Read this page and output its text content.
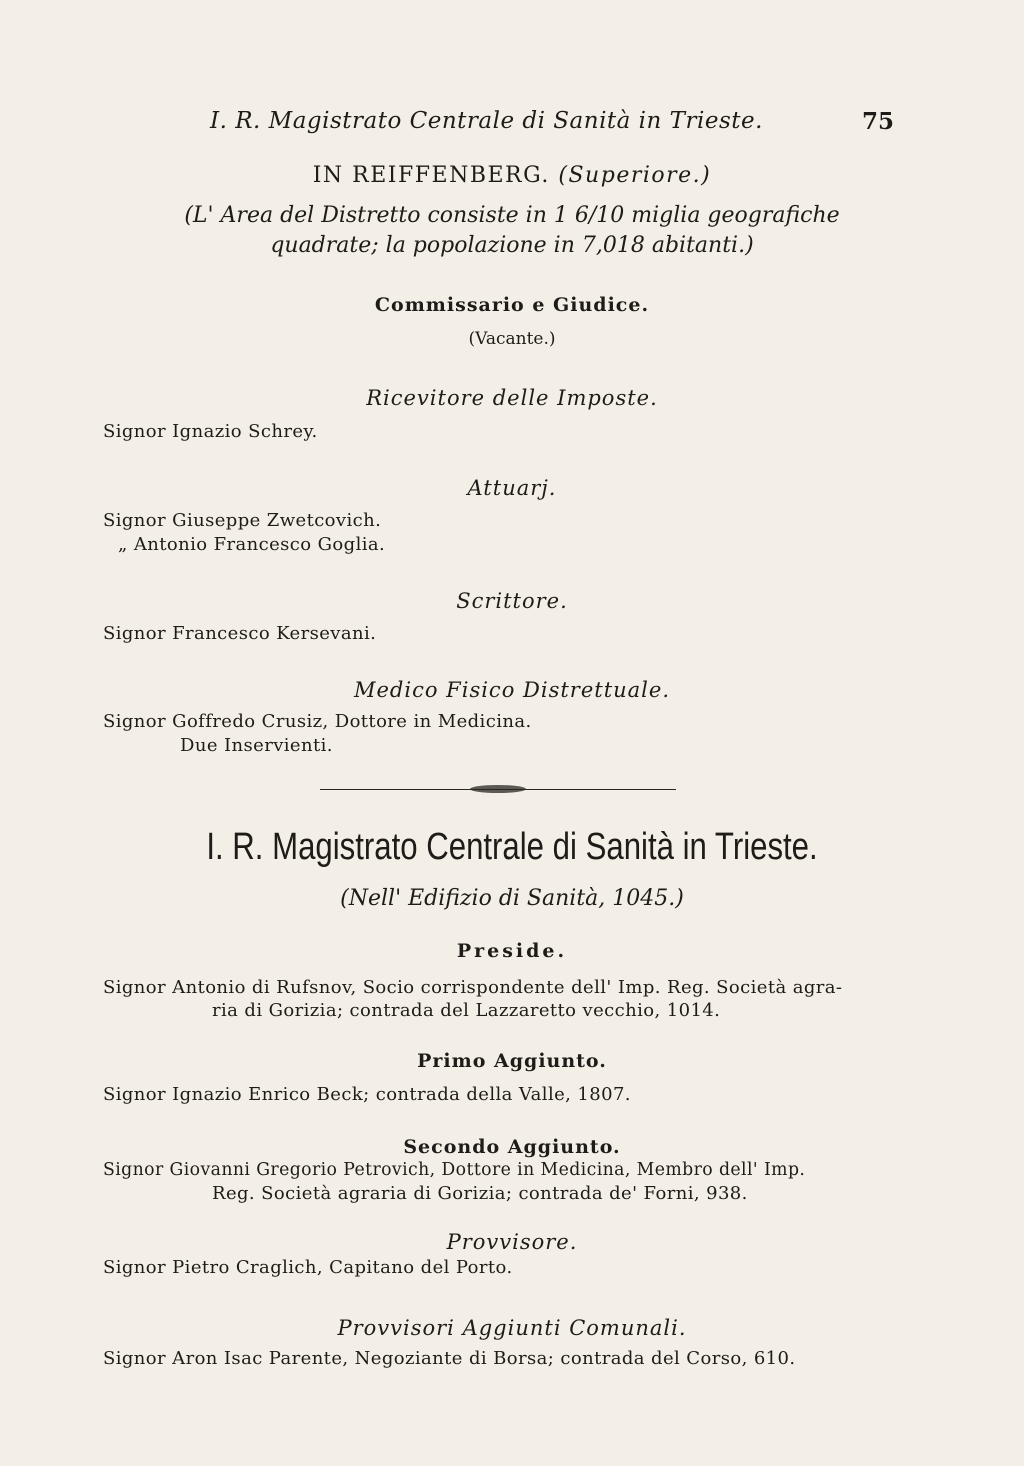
I. R. Magistrato Centrale di Sanità in Trieste.	75
IN REIFFENBERG. (Superiore.)
(L' Area del Distretto consiste in 1 6/10 miglia geografiche
quadrate; la popolazione in 7,018 abitanti.)
Commissario e Giudice.
(Vacante.)
Ricevitore delle Imposte.
Signor Ignazio Schrey.
Attuarj.
Signor Giuseppe Zwetcovich.
„ Antonio Francesco Goglia.
Scrittore.
Signor Francesco Kersevani.
Medico Fisico Distrettuale.
Signor Goffredo Crusiz, Dottore in Medicina.
Due Inservienti.
I. R. Magistrato Centrale di Sanità in Trieste.
(Nell' Edifizio di Sanità, 1045.)
Preside.
Signor Antonio di Rufsnov, Socio corrispondente dell' Imp. Reg. Società agra-
ria di Gorizia; contrada del Lazzaretto vecchio, 1014.
Primo Aggiunto.
Signor Ignazio Enrico Beck; contrada della Valle, 1807.
Secondo Aggiunto.
Signor Giovanni Gregorio Petrovich, Dottore in Medicina, Membro dell' Imp.
Reg. Società agraria di Gorizia; contrada de' Forni, 938.
Provvisore.
Signor Pietro Craglich, Capitano del Porto.
Provvisori Aggiunti Comunali.
Signor Aron Isac Parente, Negoziante di Borsa; contrada del Corso, 610.
